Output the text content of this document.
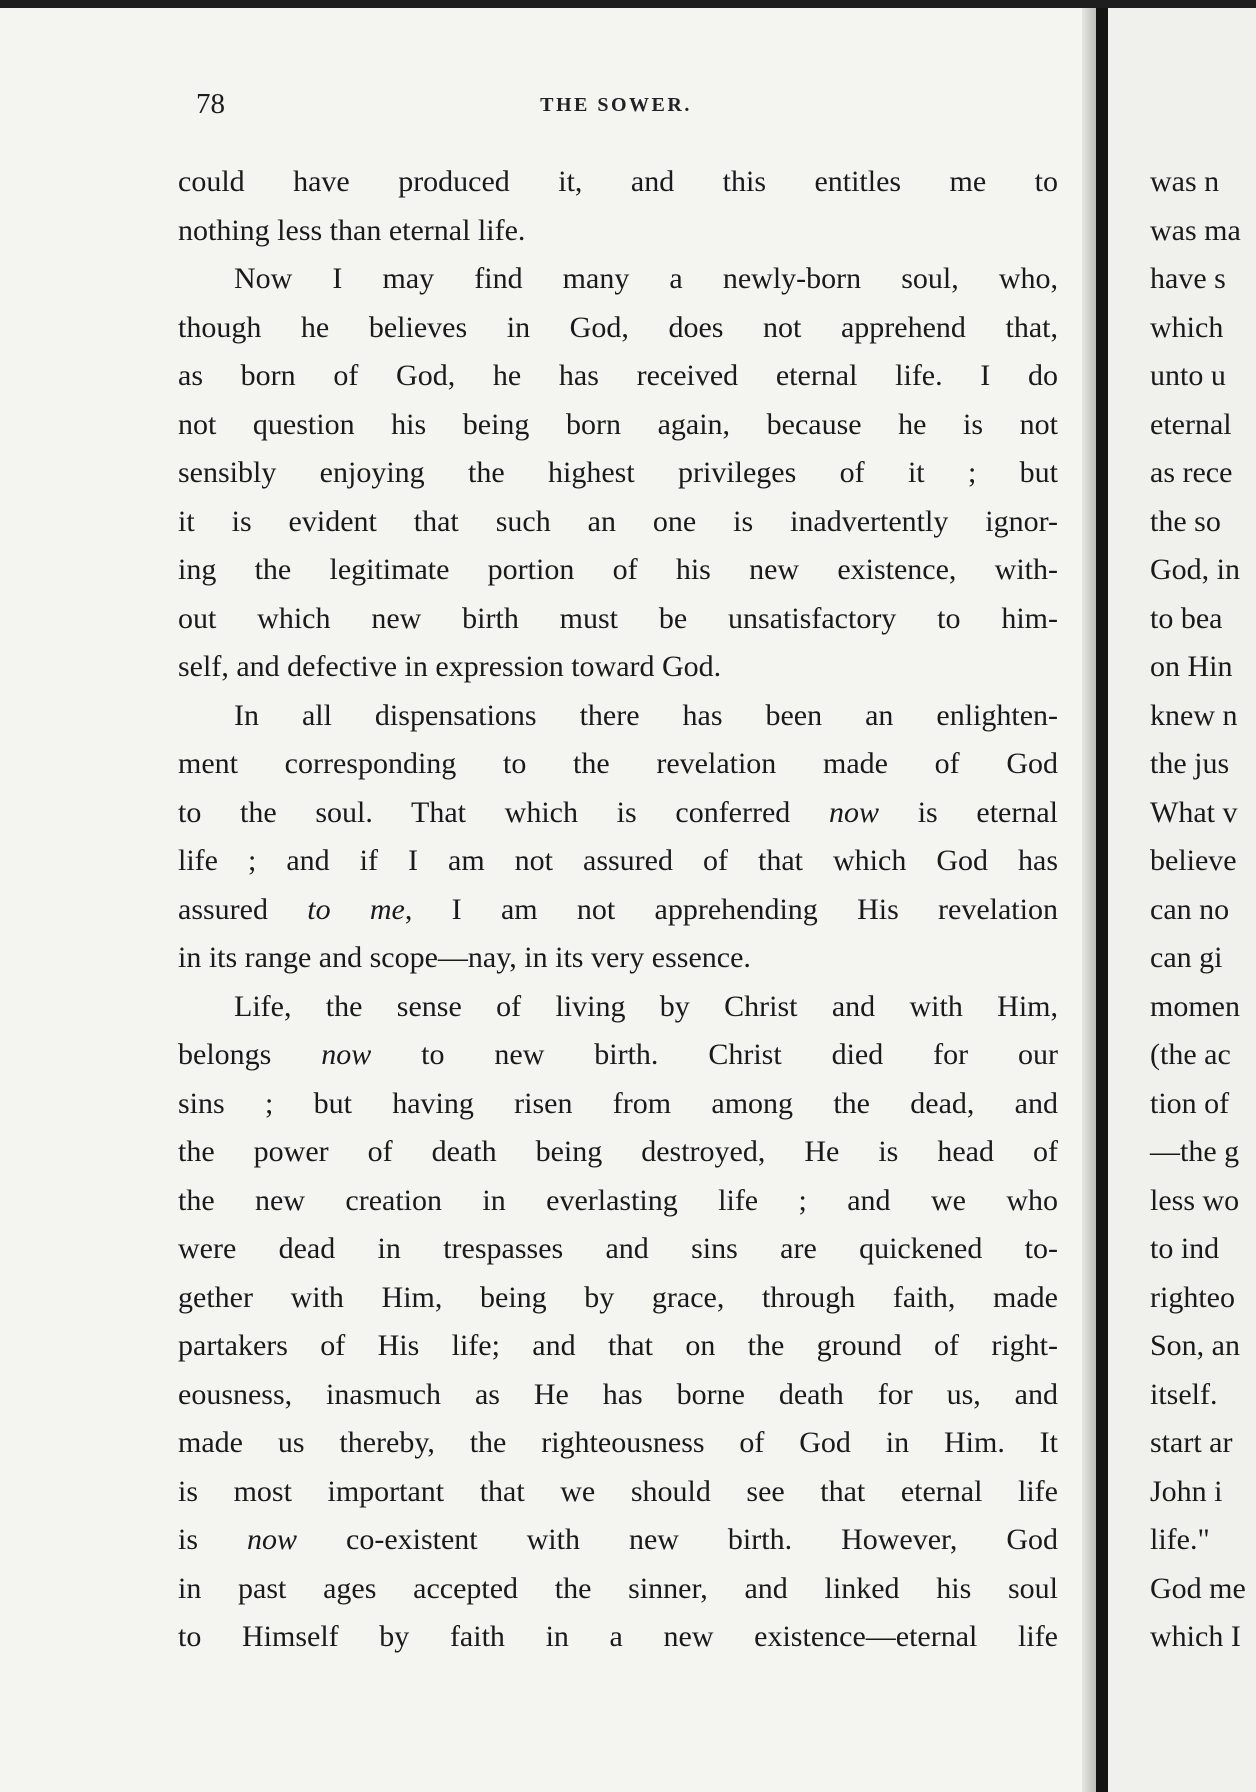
78	THE SOWER.
could have produced it, and this entitles me to
nothing less than eternal life.
Now I may find many a newly-born soul, who,
though he believes in God, does not apprehend that,
as born of God, he has received eternal life. I do
not question his being born again, because he is not
sensibly enjoying the highest privileges of it ; but
it is evident that such an one is inadvertently ignor-
ing the legitimate portion of his new existence, with-
out which new birth must be unsatisfactory to him-
self, and defective in expression toward God.
In all dispensations there has been an enlighten-
ment corresponding to the revelation made of God
to the soul. That which is conferred now is eternal
life ; and if I am not assured of that which God has
assured to me, I am not apprehending His revelation
in its range and scope—nay, in its very essence.
Life, the sense of living by Christ and with Him,
belongs now to new birth. Christ died for our
sins ; but having risen from among the dead, and
the power of death being destroyed, He is head of
the new creation in everlasting life ; and we who
were dead in trespasses and sins are quickened to-
gether with Him, being by grace, through faith, made
partakers of His life; and that on the ground of right-
eousness, inasmuch as He has borne death for us, and
made us thereby, the righteousness of God in Him. It
is most important that we should see that eternal life
is now co-existent with new birth. However, God
in past ages accepted the sinner, and linked his soul
to Himself by faith in a new existence—eternal life
was n
was ma
have s
which
unto u
eternal
as rece
the so
God, in
to bea
on Hin
knew n
the jus
What v
believe
can no
can gi
momen
(the ac
tion of
—the g
less wo
to ind
righteo
Son, an
itself.
start ar
John i
life."
God me
which I
